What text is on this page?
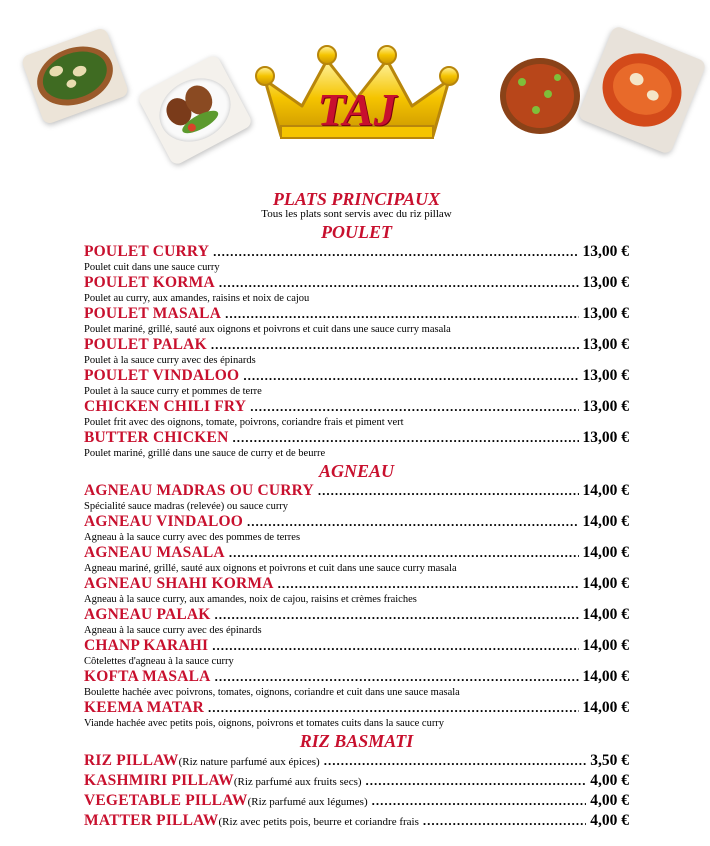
TAJ
PLATS PRINCIPAUX
Tous les plats sont servis avec du riz pillaw
POULET
POULET CURRY .....	13,00 €
Poulet cuit dans une sauce curry
POULET KORMA .....	13,00 €
Poulet au curry, aux amandes, raisins et noix de cajou
POULET MASALA .....	13,00 €
Poulet mariné, grillé, sauté aux oignons et poivrons et cuit dans une sauce curry masala
POULET PALAK .....	13,00 €
Poulet à la sauce curry avec des épinards
POULET VINDALOO .....	13,00 €
Poulet à la sauce curry et pommes de terre
CHICKEN CHILI FRY .....	13,00 €
Poulet frit avec des oignons, tomate, poivrons, coriandre frais et piment vert
BUTTER CHICKEN .....	13,00 €
Poulet mariné, grillé dans une sauce de curry et de beurre
AGNEAU
AGNEAU MADRAS OU CURRY .....	14,00 €
Spécialité sauce madras (relevée) ou sauce curry
AGNEAU VINDALOO .....	14,00 €
Agneau à la sauce curry avec des pommes de terres
AGNEAU MASALA .....	14,00 €
Agneau mariné, grillé, sauté aux oignons et poivrons et cuit dans une sauce curry masala
AGNEAU SHAHI KORMA .....	14,00 €
Agneau à la sauce curry, aux amandes, noix de cajou, raisins et crèmes fraiches
AGNEAU PALAK .....	14,00 €
Agneau à la sauce curry avec des épinards
CHANP KARAHI .....	14,00 €
Côtelettes d'agneau à la sauce curry
KOFTA MASALA .....	14,00 €
Boulette hachée avec poivrons, tomates, oignons, coriandre et cuit dans une sauce masala
KEEMA MATAR .....	14,00 €
Viande hachée avec petits pois, oignons, poivrons et tomates cuits dans la sauce curry
RIZ BASMATI
RIZ PILLAW (Riz nature parfumé aux épices) .....	3,50 €
KASHMIRI PILLAW (Riz parfumé aux fruits secs) .....	4,00 €
VEGETABLE PILLAW (Riz parfumé aux légumes) .....	4,00 €
MATTER PILLAW (Riz avec petits pois, beurre et coriandre frais .....	4,00 €
